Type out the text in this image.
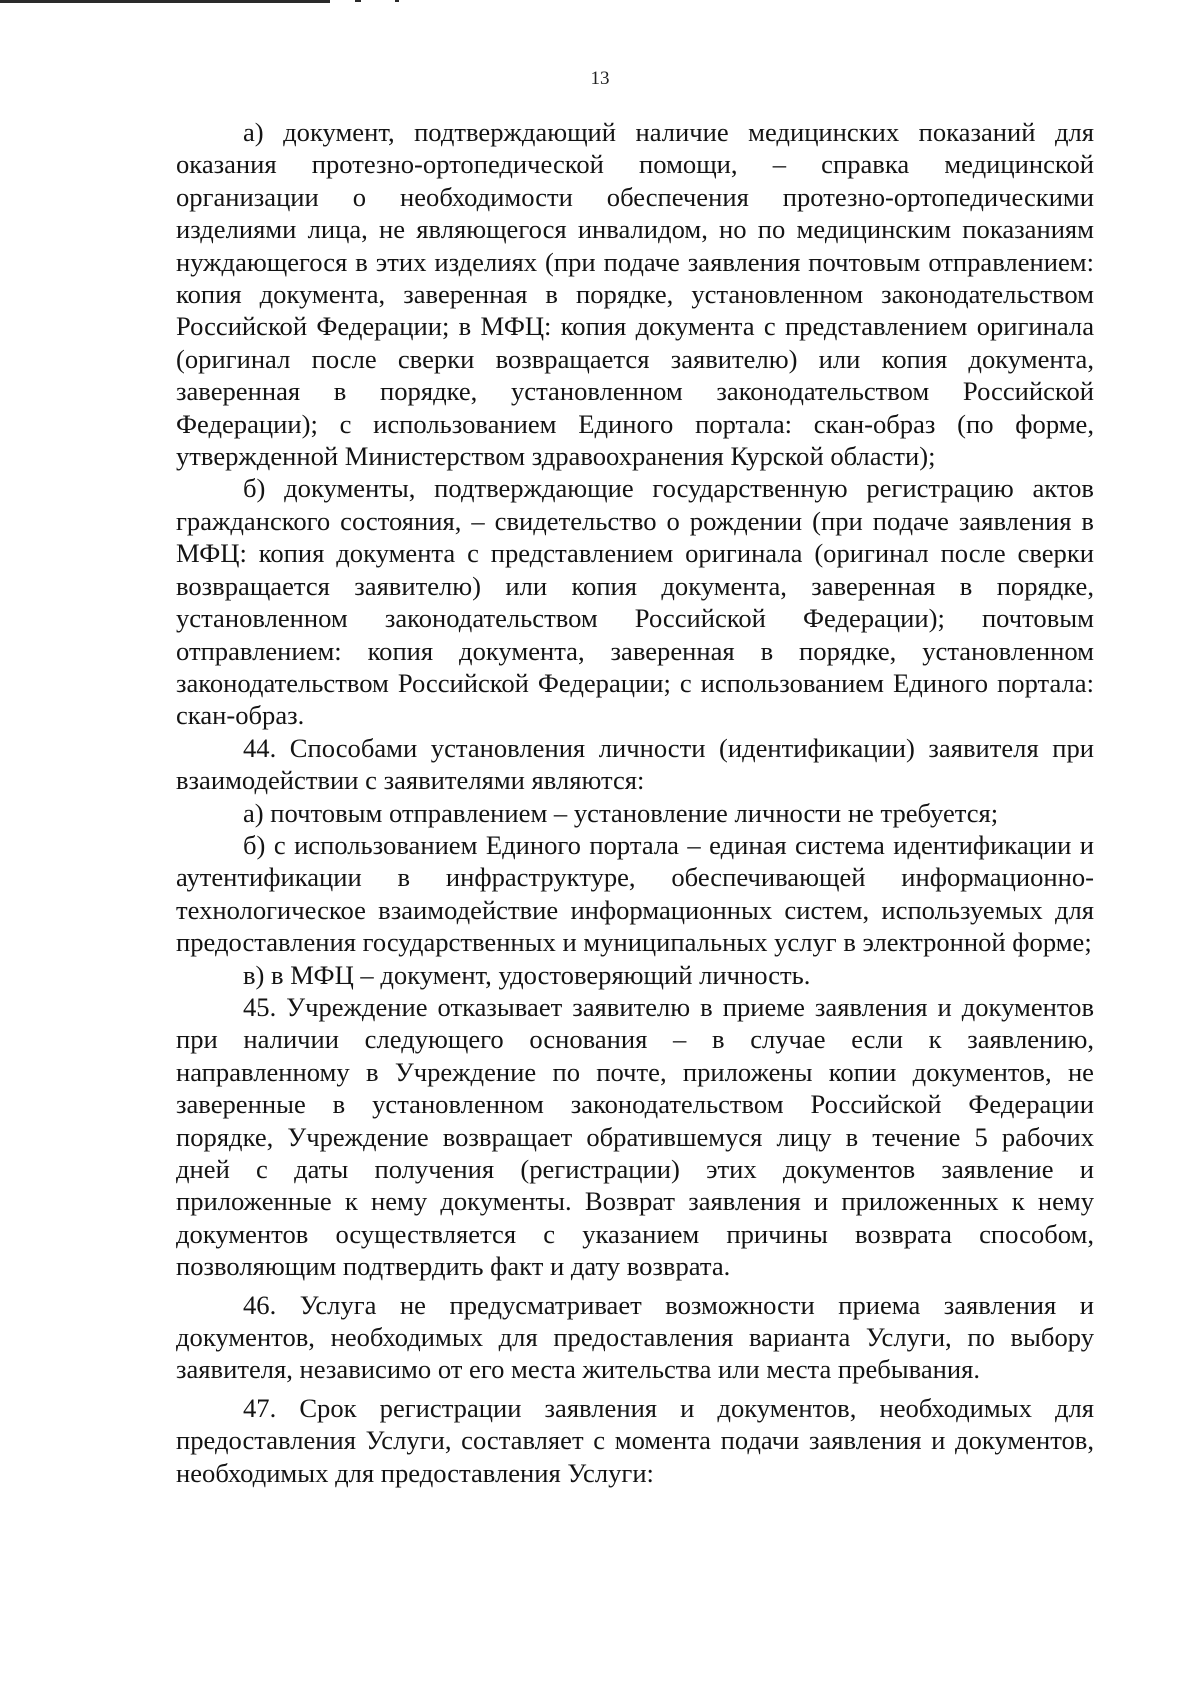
13

а) документ, подтверждающий наличие медицинских показаний для оказания протезно-ортопедической помощи, – справка медицинской организации о необходимости обеспечения протезно-ортопедическими изделиями лица, не являющегося инвалидом, но по медицинским показаниям нуждающегося в этих изделиях (при подаче заявления почтовым отправлением: копия документа, заверенная в порядке, установленном законодательством Российской Федерации; в МФЦ: копия документа с представлением оригинала (оригинал после сверки возвращается заявителю) или копия документа, заверенная в порядке, установленном законодательством Российской Федерации); с использованием Единого портала: скан-образ (по форме, утвержденной Министерством здравоохранения Курской области);

б) документы, подтверждающие государственную регистрацию актов гражданского состояния, – свидетельство о рождении (при подаче заявления в МФЦ: копия документа с представлением оригинала (оригинал после сверки возвращается заявителю) или копия документа, заверенная в порядке, установленном законодательством Российской Федерации); почтовым отправлением: копия документа, заверенная в порядке, установленном законодательством Российской Федерации; с использованием Единого портала: скан-образ.

44. Способами установления личности (идентификации) заявителя при взаимодействии с заявителями являются:

а) почтовым отправлением – установление личности не требуется;

б) с использованием Единого портала – единая система идентификации и аутентификации в инфраструктуре, обеспечивающей информационно-технологическое взаимодействие информационных систем, используемых для предоставления государственных и муниципальных услуг в электронной форме;

в) в МФЦ – документ, удостоверяющий личность.

45. Учреждение отказывает заявителю в приеме заявления и документов при наличии следующего основания – в случае если к заявлению, направленному в Учреждение по почте, приложены копии документов, не заверенные в установленном законодательством Российской Федерации порядке, Учреждение возвращает обратившемуся лицу в течение 5 рабочих дней с даты получения (регистрации) этих документов заявление и приложенные к нему документы. Возврат заявления и приложенных к нему документов осуществляется с указанием причины возврата способом, позволяющим подтвердить факт и дату возврата.

46. Услуга не предусматривает возможности приема заявления и документов, необходимых для предоставления варианта Услуги, по выбору заявителя, независимо от его места жительства или места пребывания.

47. Срок регистрации заявления и документов, необходимых для предоставления Услуги, составляет с момента подачи заявления и документов, необходимых для предоставления Услуги:
